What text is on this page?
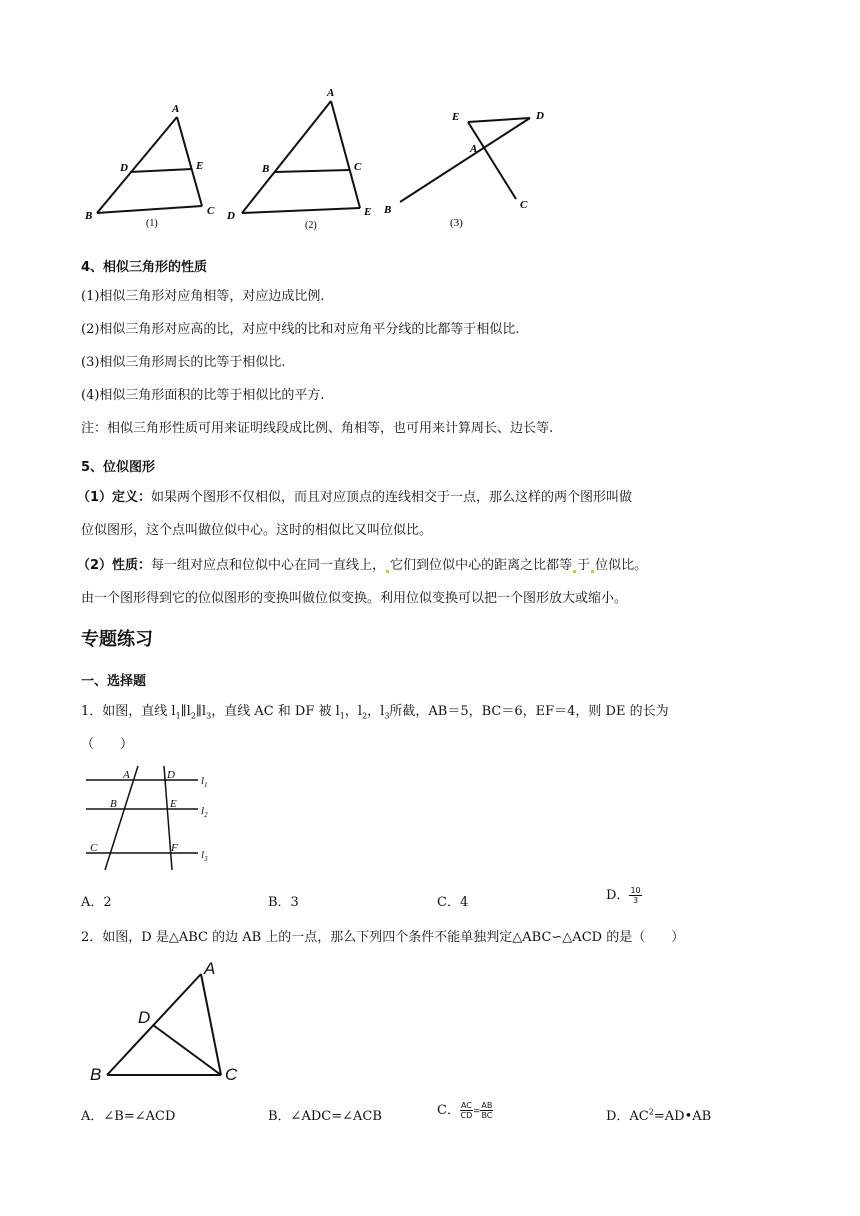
A
D	E
B	C
(1)
A
B	C
D	E
(2)
E	D
A
B	C
(3)
4、相似三角形的性质
(1)相似三角形对应角相等，对应边成比例.
(2)相似三角形对应高的比，对应中线的比和对应角平分线的比都等于相似比.
(3)相似三角形周长的比等于相似比.
(4)相似三角形面积的比等于相似比的平方.
注：相似三角形性质可用来证明线段成比例、角相等，也可用来计算周长、边长等.
5、位似图形
（1）定义：如果两个图形不仅相似，而且对应顶点的连线相交于一点，那么这样的两个图形叫做
位似图形，这个点叫做位似中心。这时的相似比又叫位似比。
（2）性质：每一组对应点和位似中心在同一直线上， 它们到位似中心的距离之比都等 于 位似比。
由一个图形得到它的位似图形的变换叫做位似变换。利用位似变换可以把一个图形放大或缩小。
专题练习
一、选择题
1．如图，直线 $l_1\parallel l_2\parallel l_3$，直线 AC 和 DF 被 $l_1$，$l_2$，$l_3$所截，AB＝5，BC＝6，EF＝4，则 DE 的长为
（　　）
A	D
B	E
C	F
$l_1$
$l_2$
$l_3$
A．2	B．3	C．4	D． $\frac{10}{3}$
2．如图，D 是△ABC 的边 AB 上的一点，那么下列四个条件不能单独判定△ABC∽△ACD 的是（　　）
A
D
B	C
A．∠B=∠ACD	B．∠ADC=∠ACB	C． $\frac{AC}{CD} = \frac{AB}{BC}$	D．$AC^2=AD•AB$
